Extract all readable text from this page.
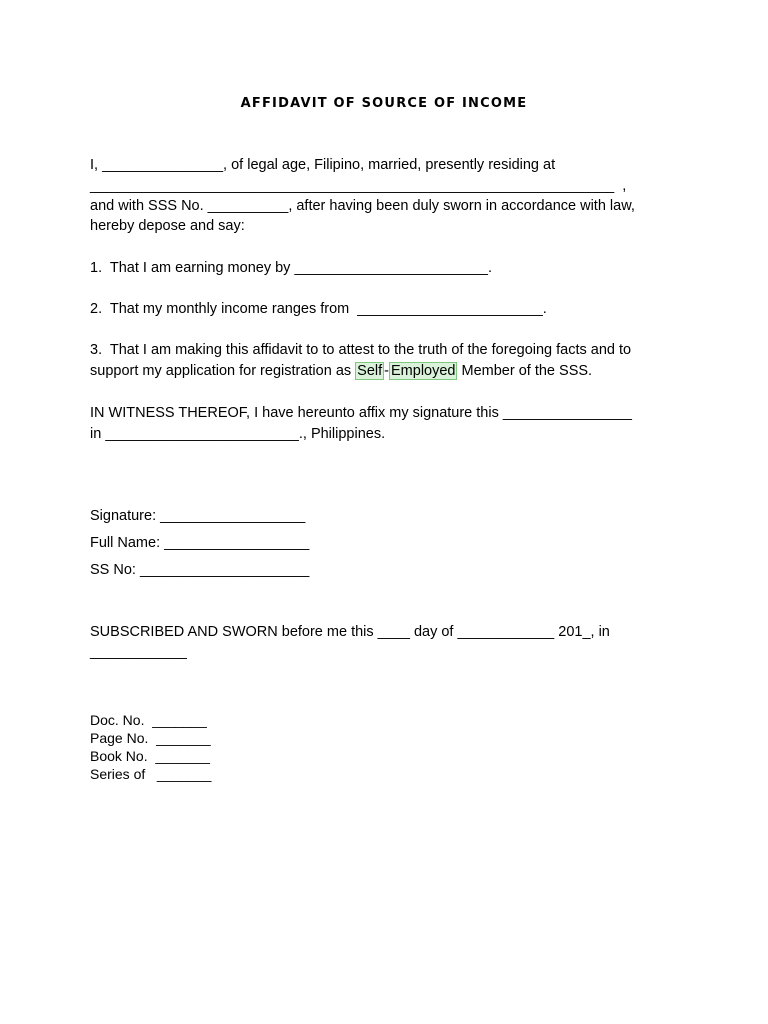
AFFIDAVIT OF SOURCE OF INCOME
I, _______________, of legal age, Filipino, married, presently residing at
_________________________________________________________________  ,
and with SSS No. __________, after having been duly sworn in accordance with law,
hereby depose and say:
1.  That I am earning money by ________________________.
2.  That my monthly income ranges from  _______________________.
3.  That I am making this affidavit to to attest to the truth of the foregoing facts and to
support my application for registration as Self - Employed Member of the SSS.
IN WITNESS THEREOF, I have hereunto affix my signature this ________________
in ________________________., Philippines.
Signature: __________________
Full Name: __________________
SS No: _____________________
SUBSCRIBED AND SWORN before me this ____ day of ____________ 201_, in
____________
Doc. No.  _______
Page No.  _______
Book No.  _______
Series of   _______
